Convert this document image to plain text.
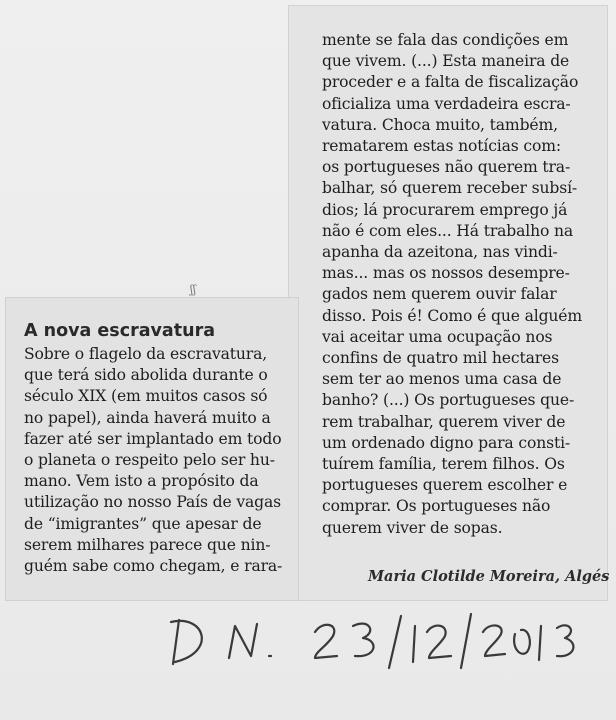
ʃʃ
A nova escravatura
Sobre o flagelo da escravatura,
que terá sido abolida durante o
século XIX (em muitos casos só
no papel), ainda haverá muito a
fazer até ser implantado em todo
o planeta o respeito pelo ser hu-
mano. Vem isto a propósito da
utilização no nosso País de vagas
de “imigrantes” que apesar de
serem milhares parece que nin-
guém sabe como chegam, e rara-
mente se fala das condições em
que vivem. (...) Esta maneira de
proceder e a falta de fiscalização
oficializa uma verdadeira escra-
vatura. Choca muito, também,
rematarem estas notícias com:
os portugueses não querem tra-
balhar, só querem receber subsí-
dios; lá procurarem emprego já
não é com eles... Há trabalho na
apanha da azeitona, nas vindi-
mas... mas os nossos desempre-
gados nem querem ouvir falar
disso. Pois é! Como é que alguém
vai aceitar uma ocupação nos
confins de quatro mil hectares
sem ter ao menos uma casa de
banho? (...) Os portugueses que-
rem trabalhar, querem viver de
um ordenado digno para consti-
tuírem família, terem filhos. Os
portugueses querem escolher e
comprar. Os portugueses não
querem viver de sopas.
Maria Clotilde Moreira, Algés
